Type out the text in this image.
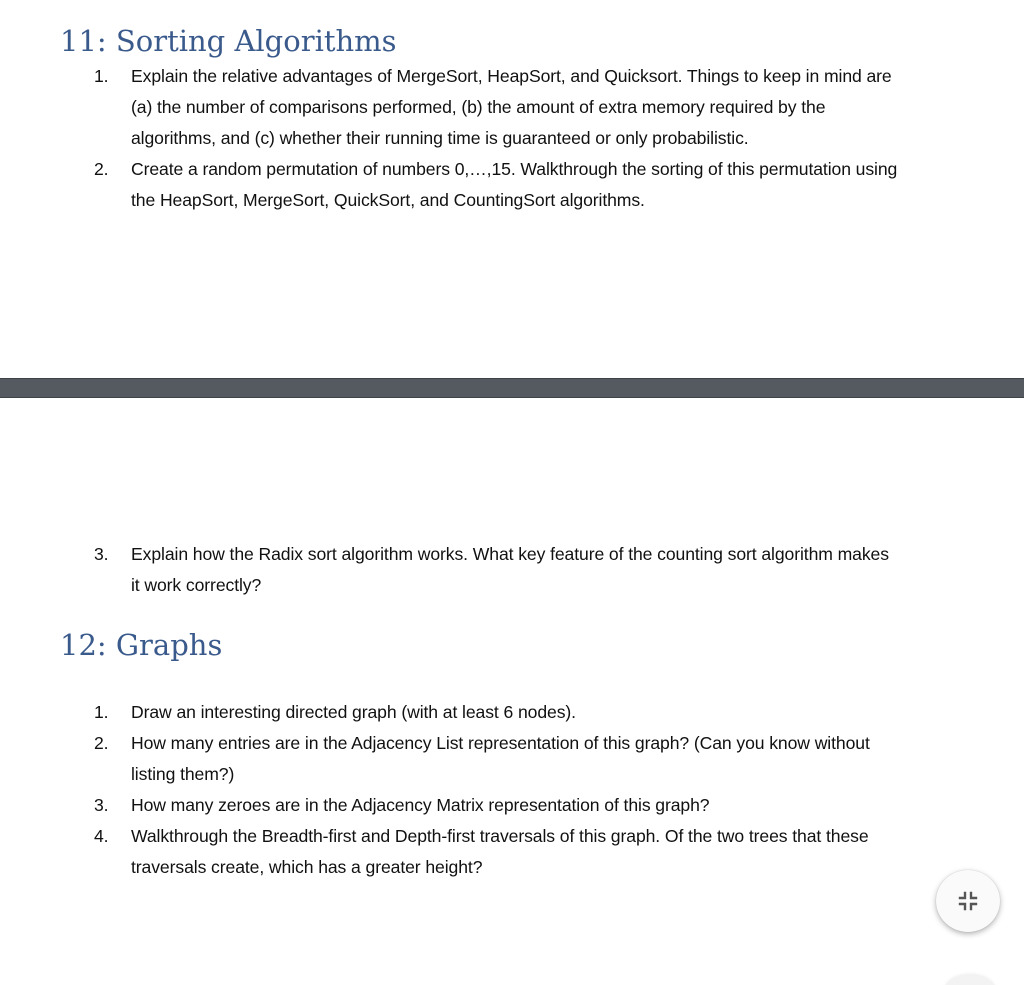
11: Sorting Algorithms
1.	Explain the relative advantages of MergeSort, HeapSort, and Quicksort. Things to keep in mind are
(a) the number of comparisons performed, (b) the amount of extra memory required by the
algorithms, and (c) whether their running time is guaranteed or only probabilistic.
2.	Create a random permutation of numbers 0,…,15. Walkthrough the sorting of this permutation using
the HeapSort, MergeSort, QuickSort, and CountingSort algorithms.
3.	Explain how the Radix sort algorithm works. What key feature of the counting sort algorithm makes
it work correctly?
12: Graphs
1.	Draw an interesting directed graph (with at least 6 nodes).
2.	How many entries are in the Adjacency List representation of this graph? (Can you know without
listing them?)
3.	How many zeroes are in the Adjacency Matrix representation of this graph?
4.	Walkthrough the Breadth-first and Depth-first traversals of this graph. Of the two trees that these
traversals create, which has a greater height?
